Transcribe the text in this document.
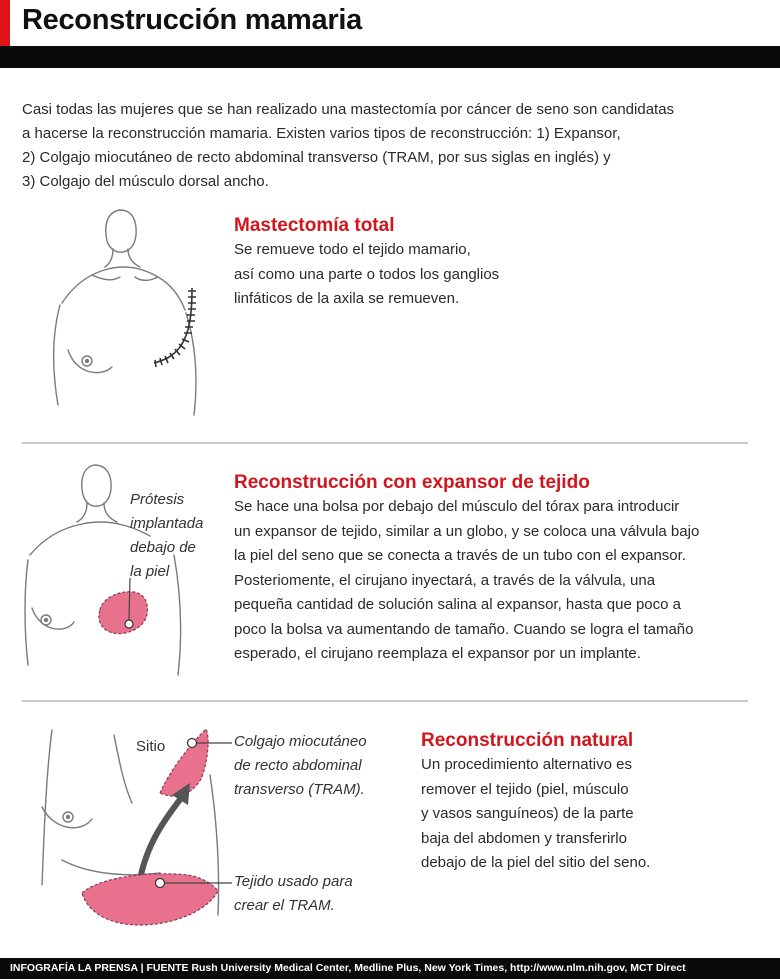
Reconstrucción mamaria
Casi todas las mujeres que se han realizado una mastectomía por cáncer de seno son candidatas
a hacerse la reconstrucción mamaria. Existen varios tipos de reconstrucción: 1) Expansor,
2) Colgajo miocutáneo de recto abdominal transverso (TRAM, por sus siglas en inglés) y
3) Colgajo del músculo dorsal ancho.
Mastectomía total
Se remueve todo el tejido mamario,
así como una parte o todos los ganglios
linfáticos de la axila se remueven.
Prótesis
implantada
debajo de
la piel
Reconstrucción con expansor de tejido
Se hace una bolsa por debajo del músculo del tórax para introducir
un expansor de tejido, similar a un globo, y se coloca una válvula bajo
la piel del seno que se conecta a través de un tubo con el expansor.
Posteriomente, el cirujano inyectará, a través de la válvula, una
pequeña cantidad de solución salina al expansor, hasta que poco a
poco la bolsa va aumentando de tamaño. Cuando se logra el tamaño
esperado, el cirujano reemplaza el expansor por un implante.
Sitio	Colgajo miocutáneo
de recto abdominal
transverso (TRAM).
Tejido usado para
crear el TRAM.
Reconstrucción natural
Un procedimiento alternativo es
remover el tejido (piel, músculo
y vasos sanguíneos) de la parte
baja del abdomen y transferirlo
debajo de la piel del sitio del seno.
INFOGRAFÍA LA PRENSA | FUENTE Rush University Medical Center, Medline Plus, New York Times, http://www.nlm.nih.gov, MCT Direct
